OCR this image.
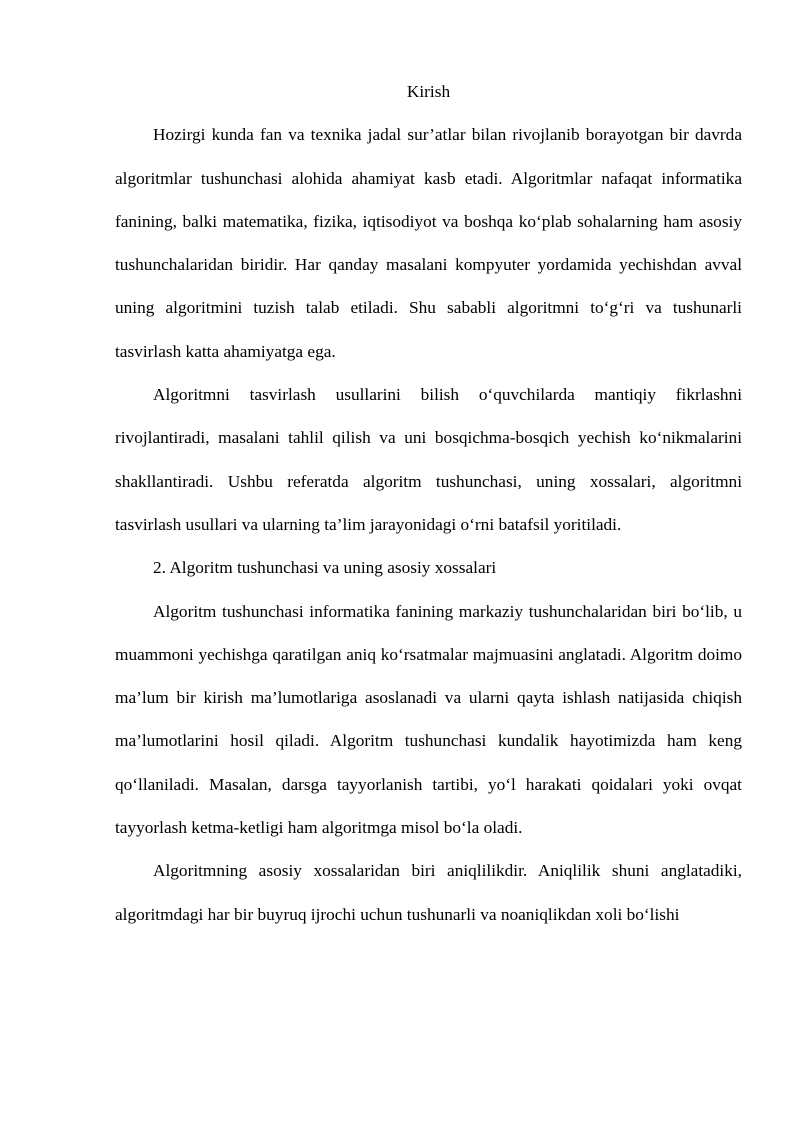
Kirish

Hozirgi kunda fan va texnika jadal sur’atlar bilan rivojlanib borayotgan bir davrda algoritmlar tushunchasi alohida ahamiyat kasb etadi. Algoritmlar nafaqat informatika fanining, balki matematika, fizika, iqtisodiyot va boshqa ko‘plab sohalarning ham asosiy tushunchalaridan biridir. Har qanday masalani kompyuter yordamida yechishdan avval uning algoritmini tuzish talab etiladi. Shu sababli algoritmni to‘g‘ri va tushunarli tasvirlash katta ahamiyatga ega.

Algoritmni tasvirlash usullarini bilish o‘quvchilarda mantiqiy fikrlashni rivojlantiradi, masalani tahlil qilish va uni bosqichma-bosqich yechish ko‘nikmalarini shakllantiradi. Ushbu referatda algoritm tushunchasi, uning xossalari, algoritmni tasvirlash usullari va ularning ta’lim jarayonidagi o‘rni batafsil yoritiladi.

2. Algoritm tushunchasi va uning asosiy xossalari

Algoritm tushunchasi informatika fanining markaziy tushunchalaridan biri bo‘lib, u muammoni yechishga qaratilgan aniq ko‘rsatmalar majmuasini anglatadi. Algoritm doimo ma’lum bir kirish ma’lumotlariga asoslanadi va ularni qayta ishlash natijasida chiqish ma’lumotlarini hosil qiladi. Algoritm tushunchasi kundalik hayotimizda ham keng qo‘llaniladi. Masalan, darsga tayyorlanish tartibi, yo‘l harakati qoidalari yoki ovqat tayyorlash ketma-ketligi ham algoritmga misol bo‘la oladi.

Algoritmning asosiy xossalaridan biri aniqlilikdir. Aniqlilik shuni anglatadiki, algoritmdagi har bir buyruq ijrochi uchun tushunarli va noaniqlikdan xoli bo‘lishi
